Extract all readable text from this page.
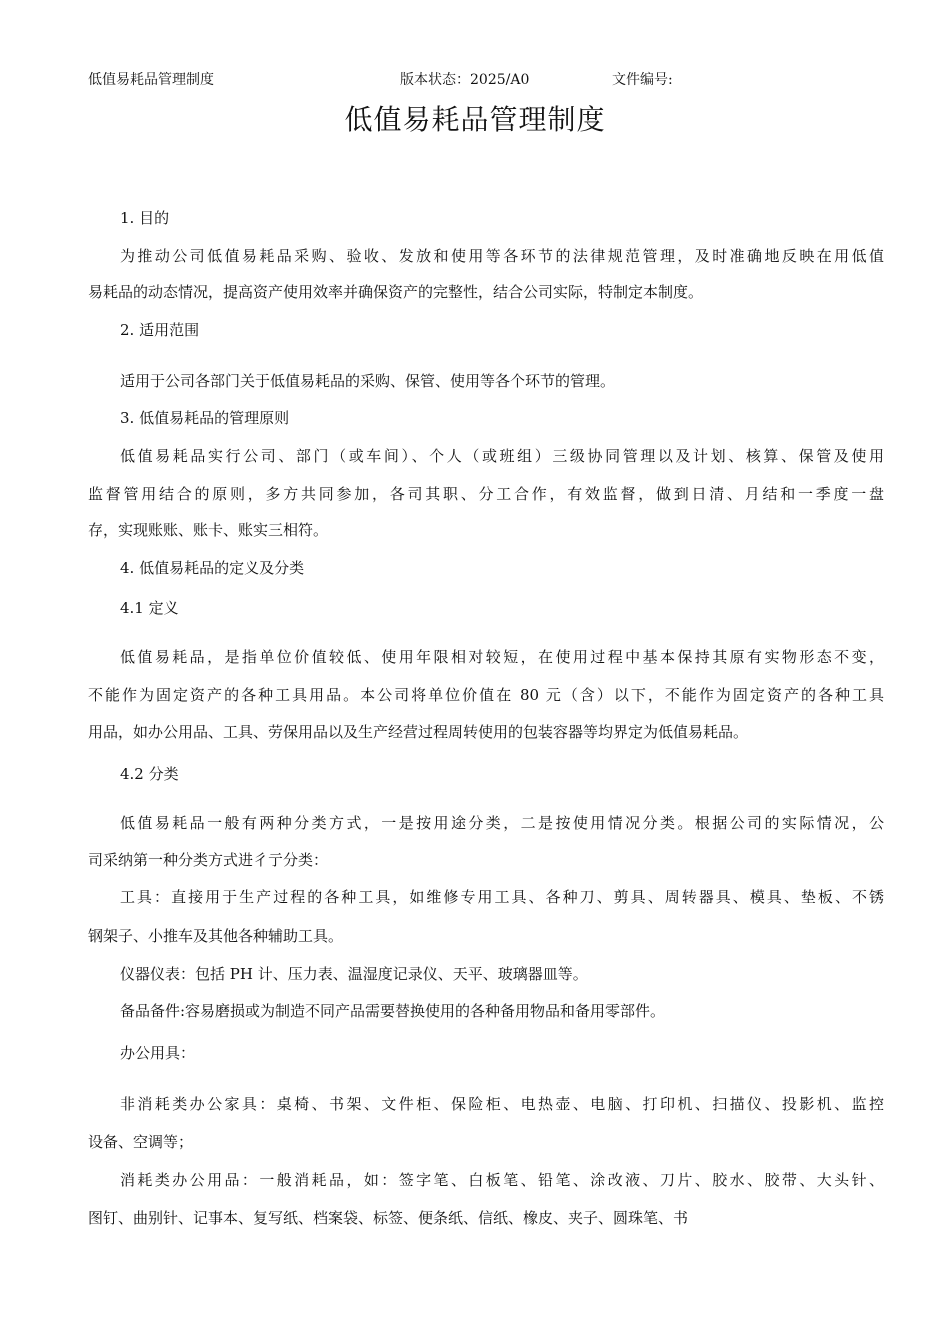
低值易耗品管理制度	版本状态：2025/A0	文件编号:
低值易耗品管理制度
1. 目的
为推动公司低值易耗品采购、验收、发放和使用等各环节的法律规范管理，及时准确地反映在用低值
易耗品的动态情况，提高资产使用效率并确保资产的完整性，结合公司实际，特制定本制度。
2. 适用范围
适用于公司各部门关于低值易耗品的采购、保管、使用等各个环节的管理。
3. 低值易耗品的管理原则
低值易耗品实行公司、部门（或车间）、个人（或班组）三级协同管理以及计划、核算、保管及使用
监督管用结合的原则，多方共同参加，各司其职、分工合作，有效监督，做到日清、月结和一季度一盘
存，实现账账、账卡、账实三相符。
4. 低值易耗品的定义及分类
4.1 定义
低值易耗品，是指单位价值较低、使用年限相对较短，在使用过程中基本保持其原有实物形态不变，
不能作为固定资产的各种工具用品。本公司将单位价值在 80 元（含）以下，不能作为固定资产的各种工具
用品，如办公用品、工具、劳保用品以及生产经营过程周转使用的包装容器等均界定为低值易耗品。
4.2 分类
低值易耗品一般有两种分类方式，一是按用途分类，二是按使用情况分类。根据公司的实际情况，公
司采纳第一种分类方式进彳亍分类：
工具：直接用于生产过程的各种工具，如维修专用工具、各种刀、剪具、周转器具、模具、垫板、不锈
钢架子、小推车及其他各种辅助工具。
仪器仪表：包括 PH 计、压力表、温湿度记录仪、天平、玻璃器皿等。
备品备件:容易磨损或为制造不同产品需要替换使用的各种备用物品和备用零部件。
办公用具：
非消耗类办公家具：桌椅、书架、文件柜、保险柜、电热壶、电脑、打印机、扫描仪、投影机、监控
设备、空调等；
消耗类办公用品：一般消耗品，如：签字笔、白板笔、铅笔、涂改液、刀片、胶水、胶带、大头针、
图钉、曲别针、记事本、复写纸、档案袋、标签、便条纸、信纸、橡皮、夹子、圆珠笔、书
